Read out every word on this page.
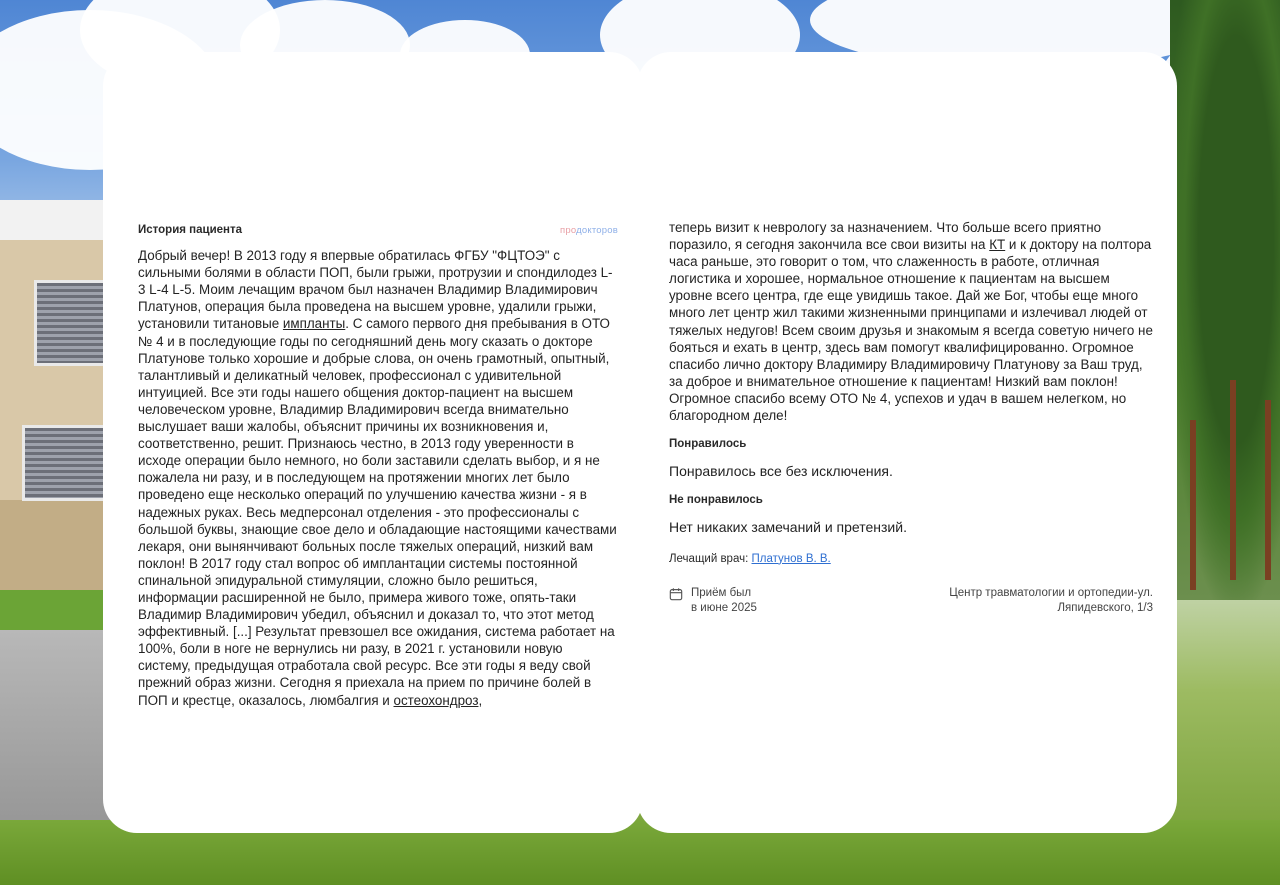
История пациента	продокторов

Добрый вечер! В 2013 году я впервые обратилась ФГБУ "ФЦТОЭ" с сильными болями в области ПОП, были грыжи, протрузии и спондилодез L-3 L-4 L-5. Моим лечащим врачом был назначен Владимир Владимирович Платунов, операция была проведена на высшем уровне, удалили грыжи, установили титановые импланты. С самого первого дня пребывания в ОТО № 4 и в последующие годы по сегодняшний день могу сказать о докторе Платунове только хорошие и добрые слова, он очень грамотный, опытный, талантливый и деликатный человек, профессионал с удивительной интуицией. Все эти годы нашего общения доктор-пациент на высшем человеческом уровне, Владимир Владимирович всегда внимательно выслушает ваши жалобы, объяснит причины их возникновения и, соответственно, решит. Признаюсь честно, в 2013 году уверенности в исходе операции было немного, но боли заставили сделать выбор, и я не пожалела ни разу, и в последующем на протяжении многих лет было проведено еще несколько операций по улучшению качества жизни - я в надежных руках. Весь медперсонал отделения - это профессионалы с большой буквы, знающие свое дело и обладающие настоящими качествами лекаря, они вынянчивают больных после тяжелых операций, низкий вам поклон! В 2017 году стал вопрос об имплантации системы постоянной спинальной эпидуральной стимуляции, сложно было решиться, информации расширенной не было, примера живого тоже, опять-таки Владимир Владимирович убедил, объяснил и доказал то, что этот метод эффективный. [...] Результат превзошел все ожидания, система работает на 100%, боли в ноге не вернулись ни разу, в 2021 г. установили новую систему, предыдущая отработала свой ресурс. Все эти годы я веду свой прежний образ жизни. Сегодня я приехала на прием по причине болей в ПОП и крестце, оказалось, люмбалгия и остеохондроз,

теперь визит к неврологу за назначением. Что больше всего приятно поразило, я сегодня закончила все свои визиты на КТ и к доктору на полтора часа раньше, это говорит о том, что слаженность в работе, отличная логистика и хорошее, нормальное отношение к пациентам на высшем уровне всего центра, где еще увидишь такое. Дай же Бог, чтобы еще много много лет центр жил такими жизненными принципами и излечивал людей от тяжелых недугов! Всем своим друзья и знакомым я всегда советую ничего не бояться и ехать в центр, здесь вам помогут квалифицированно. Огромное спасибо лично доктору Владимиру Владимировичу Платунову за Ваш труд, за доброе и внимательное отношение к пациентам! Низкий вам поклон! Огромное спасибо всему ОТО № 4, успехов и удач в вашем нелегком, но благородном деле!

Понравилось
Понравилось все без исключения.
Не понравилось
Нет никаких замечаний и претензий.
Лечащий врач: Платунов В. В.
Приём был
в июне 2025
Центр травматологии и ортопедии-ул.
Ляпидевского, 1/3
